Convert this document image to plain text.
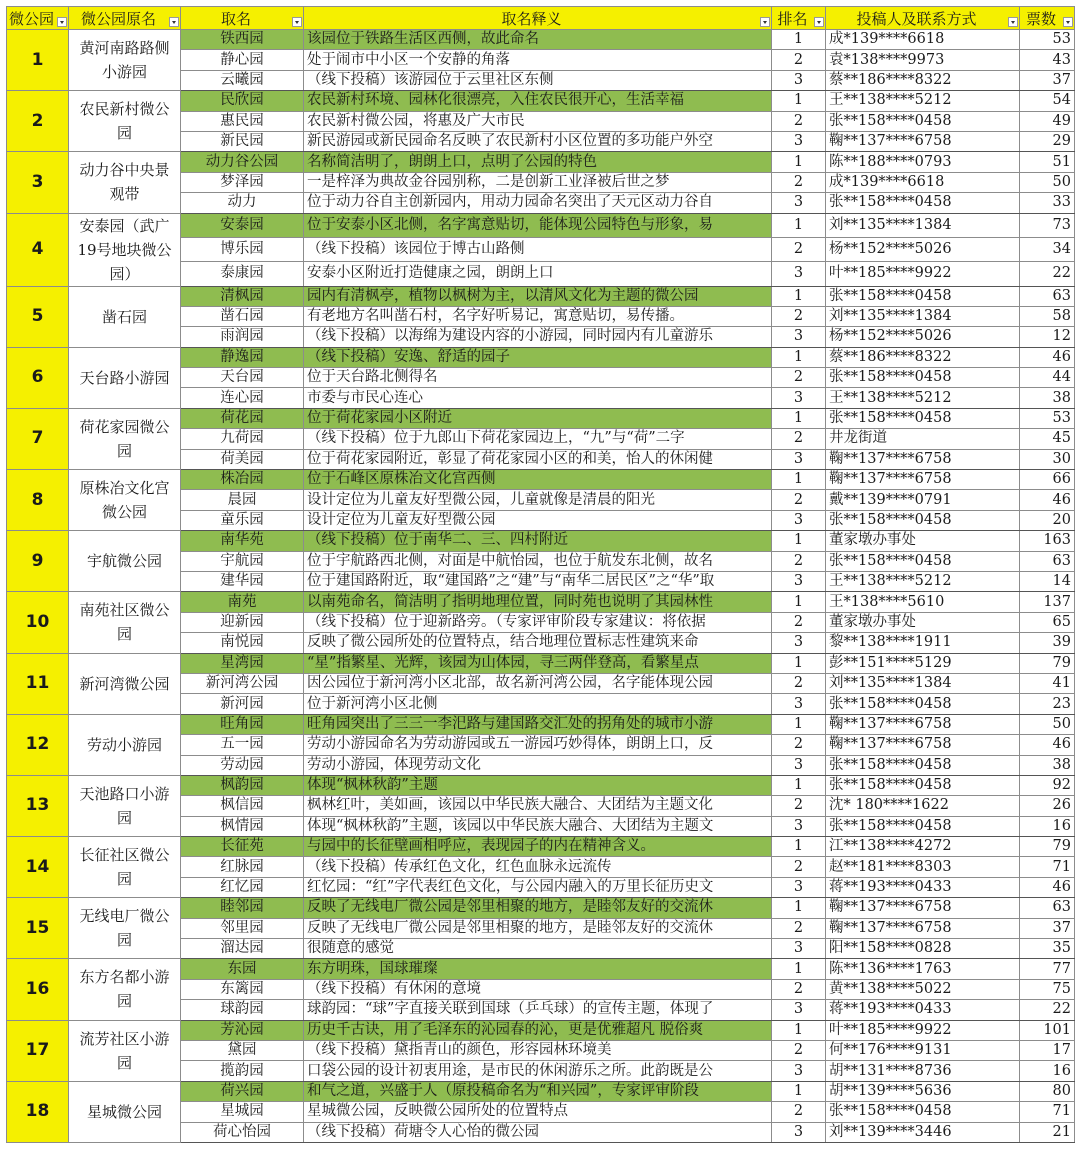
微公园	微公园原名	取名	取名释义	排名	投稿人及联系方式	票数

1	黄河南路路侧小游园	铁西园	该园位于铁路生活区西侧，故此命名	1	成*139****6618	53
		静心园	处于闹市中小区一个安静的角落	2	袁*138****9973	43
		云曦园	（线下投稿）该游园位于云里社区东侧	3	蔡**186****8322	37
2	农民新村微公园	民欣园	农民新村环境、园林化很漂亮，入住农民很开心，生活幸福	1	王**138****5212	54
		惠民园	农民新村微公园，将惠及广大市民	2	张**158****0458	49
		新民园	新民游园或新民园命名反映了农民新村小区位置的多功能户外空	3	鞠**137****6758	29
3	动力谷中央景观带	动力谷公园	名称简洁明了，朗朗上口，点明了公园的特色	1	陈**188****0793	51
		梦泽园	一是梓泽为典故金谷园别称，二是创新工业泽被后世之梦	2	成*139****6618	50
		动力	位于动力谷自主创新园内，用动力园命名突出了天元区动力谷自	3	张**158****0458	33
4	安泰园（武广19号地块微公园）	安泰园	位于安泰小区北侧，名字寓意贴切，能体现公园特色与形象，易	1	刘**135****1384	73
		博乐园	（线下投稿）该园位于博古山路侧	2	杨**152****5026	34
		泰康园	安泰小区附近打造健康之园，朗朗上口	3	叶**185****9922	22
5	凿石园	清枫园	园内有清枫亭，植物以枫树为主，以清风文化为主题的微公园	1	张**158****0458	63
		凿石园	有老地方名叫凿石村，名字好听易记，寓意贴切，易传播。	2	刘**135****1384	58
		雨润园	（线下投稿）以海绵为建设内容的小游园，同时园内有儿童游乐	3	杨**152****5026	12
6	天台路小游园	静逸园	（线下投稿）安逸、舒适的园子	1	蔡**186****8322	46
		天台园	位于天台路北侧得名	2	张**158****0458	44
		连心园	市委与市民心连心	3	王**138****5212	38
7	荷花家园微公园	荷花园	位于荷花家园小区附近	1	张**158****0458	53
		九荷园	（线下投稿）位于九郎山下荷花家园边上，“九”与“荷”二字	2	井龙街道	45
		荷美园	位于荷花家园附近，彰显了荷花家园小区的和美，怡人的休闲健	3	鞠**137****6758	30
8	原株冶文化宫微公园	株冶园	位于石峰区原株冶文化宫西侧	1	鞠**137****6758	66
		晨园	设计定位为儿童友好型微公园，儿童就像是清晨的阳光	2	戴**139****0791	46
		童乐园	设计定位为儿童友好型微公园	3	张**158****0458	20
9	宇航微公园	南华苑	（线下投稿）位于南华二、三、四村附近	1	董家墩办事处	163
		宇航园	位于宇航路西北侧，对面是中航怡园，也位于航发东北侧，故名	2	张**158****0458	63
		建华园	位于建国路附近，取“建国路”之“建”与“南华二居民区”之“华”取	3	王**138****5212	14
10	南苑社区微公园	南苑	以南苑命名，简洁明了指明地理位置，同时苑也说明了其园林性	1	王*138****5610	137
		迎新园	（线下投稿）位于迎新路旁。（专家评审阶段专家建议：将依据	2	董家墩办事处	65
		南悦园	反映了微公园所处的位置特点，结合地理位置标志性建筑来命	3	黎**138****1911	39
11	新河湾微公园	星湾园	“星”指繁星、光辉，该园为山体园，寻三两伴登高，看繁星点	1	彭**151****5129	79
		新河湾公园	因公园位于新河湾小区北部，故名新河湾公园，名字能体现公园	2	刘**135****1384	41
		新河园	位于新河湾小区北侧	3	张**158****0458	23
12	劳动小游园	旺角园	旺角园突出了三三一李汜路与建国路交汇处的拐角处的城市小游	1	鞠**137****6758	50
		五一园	劳动小游园命名为劳动游园或五一游园巧妙得体，朗朗上口，反	2	鞠**137****6758	46
		劳动园	劳动小游园，体现劳动文化	3	张**158****0458	38
13	天池路口小游园	枫韵园	体现“枫林秋韵”主题	1	张**158****0458	92
		枫信园	枫林红叶，美如画，该园以中华民族大融合、大团结为主题文化	2	沈* 180****1622	26
		枫情园	体现“枫林秋韵”主题，该园以中华民族大融合、大团结为主题文	3	张**158****0458	16
14	长征社区微公园	长征苑	与园中的长征壁画相呼应，表现园子的内在精神含义。	1	江**138****4272	79
		红脉园	（线下投稿）传承红色文化，红色血脉永远流传	2	赵**181****8303	71
		红忆园	红忆园：“红”字代表红色文化，与公园内融入的万里长征历史文	3	蒋**193****0433	46
15	无线电厂微公园	睦邻园	反映了无线电厂微公园是邻里相聚的地方，是睦邻友好的交流休	1	鞠**137****6758	63
		邻里园	反映了无线电厂微公园是邻里相聚的地方，是睦邻友好的交流休	2	鞠**137****6758	37
		溜达园	很随意的感觉	3	阳**158****0828	35
16	东方名都小游园	东园	东方明珠，国球璀璨	1	陈**136****1763	77
		东篱园	（线下投稿）有休闲的意境	2	黄**138****5022	75
		球韵园	球韵园：“球”字直接关联到国球（乒乓球）的宣传主题，体现了	3	蒋**193****0433	22
17	流芳社区小游园	芳沁园	历史千古诀，用了毛泽东的沁园春的沁，更是优雅超凡 脱俗爽	1	叶**185****9922	101
		黛园	（线下投稿）黛指青山的颜色，形容园林环境美	2	何**176****9131	17
		揽韵园	口袋公园的设计初衷用途，是市民的休闲游乐之所。此韵既是公	3	胡**131****8736	16
18	星城微公园	荷兴园	和气之道，兴盛于人（原投稿命名为“和兴园”，专家评审阶段	1	胡**139****5636	80
		星城园	星城微公园，反映微公园所处的位置特点	2	张**158****0458	71
		荷心怡园	（线下投稿）荷塘令人心怡的微公园	3	刘**139****3446	21
